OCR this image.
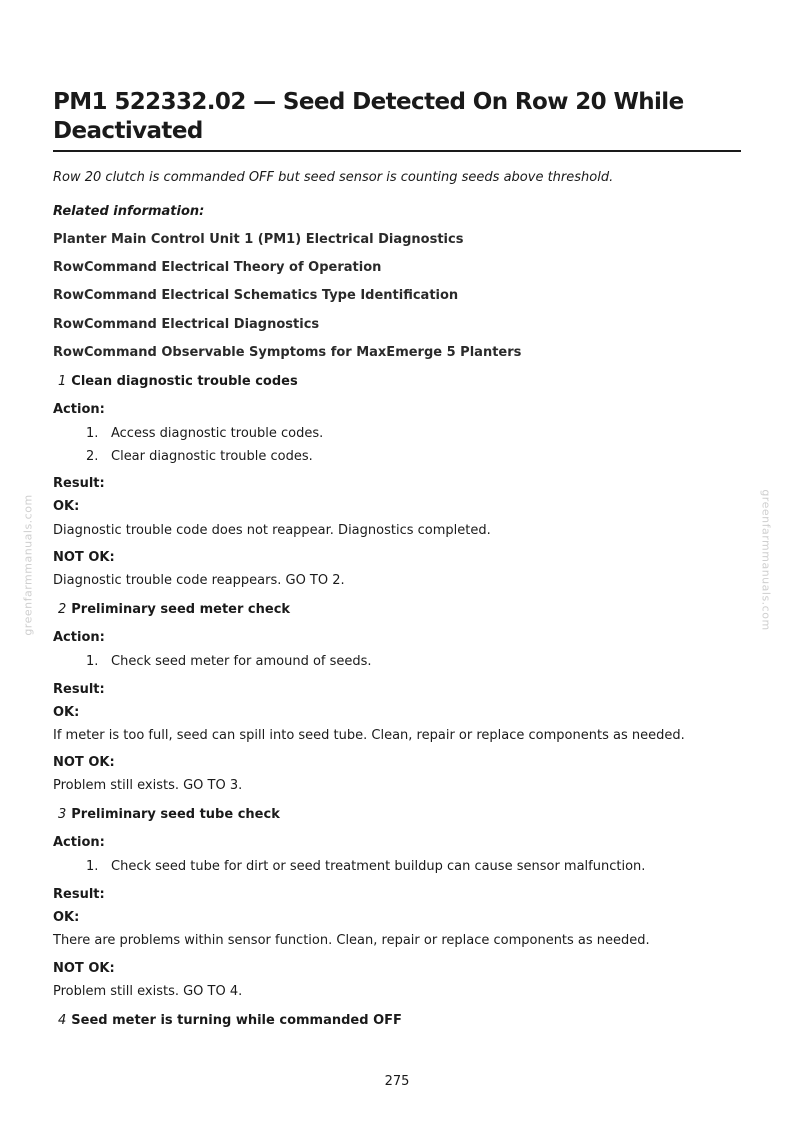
PM1 522332.02 — Seed Detected On Row 20 While Deactivated
Row 20 clutch is commanded OFF but seed sensor is counting seeds above threshold.
Related information:
Planter Main Control Unit 1 (PM1) Electrical Diagnostics
RowCommand Electrical Theory of Operation
RowCommand Electrical Schematics Type Identification
RowCommand Electrical Diagnostics
RowCommand Observable Symptoms for MaxEmerge 5 Planters
1 Clean diagnostic trouble codes
Action:
1. Access diagnostic trouble codes.
2. Clear diagnostic trouble codes.
Result:
OK:
Diagnostic trouble code does not reappear. Diagnostics completed.
NOT OK:
Diagnostic trouble code reappears. GO TO 2.
2 Preliminary seed meter check
Action:
1. Check seed meter for amound of seeds.
Result:
OK:
If meter is too full, seed can spill into seed tube. Clean, repair or replace components as needed.
NOT OK:
Problem still exists. GO TO 3.
3 Preliminary seed tube check
Action:
1. Check seed tube for dirt or seed treatment buildup can cause sensor malfunction.
Result:
OK:
There are problems within sensor function. Clean, repair or replace components as needed.
NOT OK:
Problem still exists. GO TO 4.
4 Seed meter is turning while commanded OFF
greenfarmmanuals.com	greenfarmmanuals.com
275
